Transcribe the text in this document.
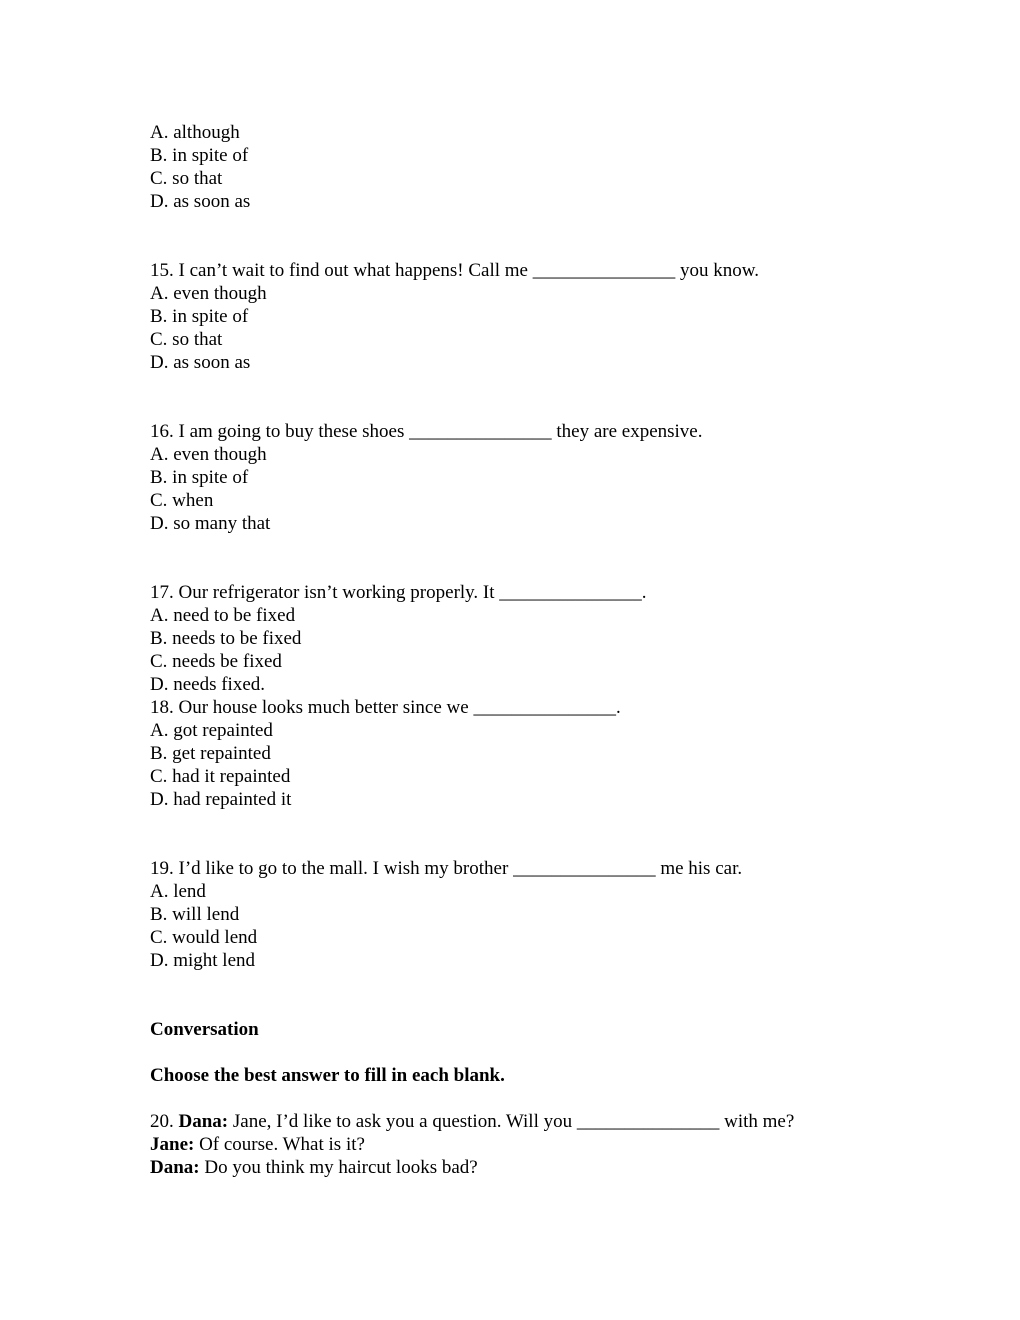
A. although
B. in spite of
C. so that
D. as soon as
15. I can’t wait to find out what happens! Call me _______________ you know.
A. even though
B. in spite of
C. so that
D. as soon as
16. I am going to buy these shoes _______________ they are expensive.
A. even though
B. in spite of
C. when
D. so many that
17. Our refrigerator isn’t working properly. It _______________.
A. need to be fixed
B. needs to be fixed
C. needs be fixed
D. needs fixed.
18. Our house looks much better since we _______________.
A. got repainted
B. get repainted
C. had it repainted
D. had repainted it
19. I’d like to go to the mall. I wish my brother _______________ me his car.
A. lend
B. will lend
C. would lend
D. might lend
Conversation
Choose the best answer to fill in each blank.
20. Dana: Jane, I’d like to ask you a question. Will you _______________ with me?
Jane: Of course. What is it?
Dana: Do you think my haircut looks bad?
